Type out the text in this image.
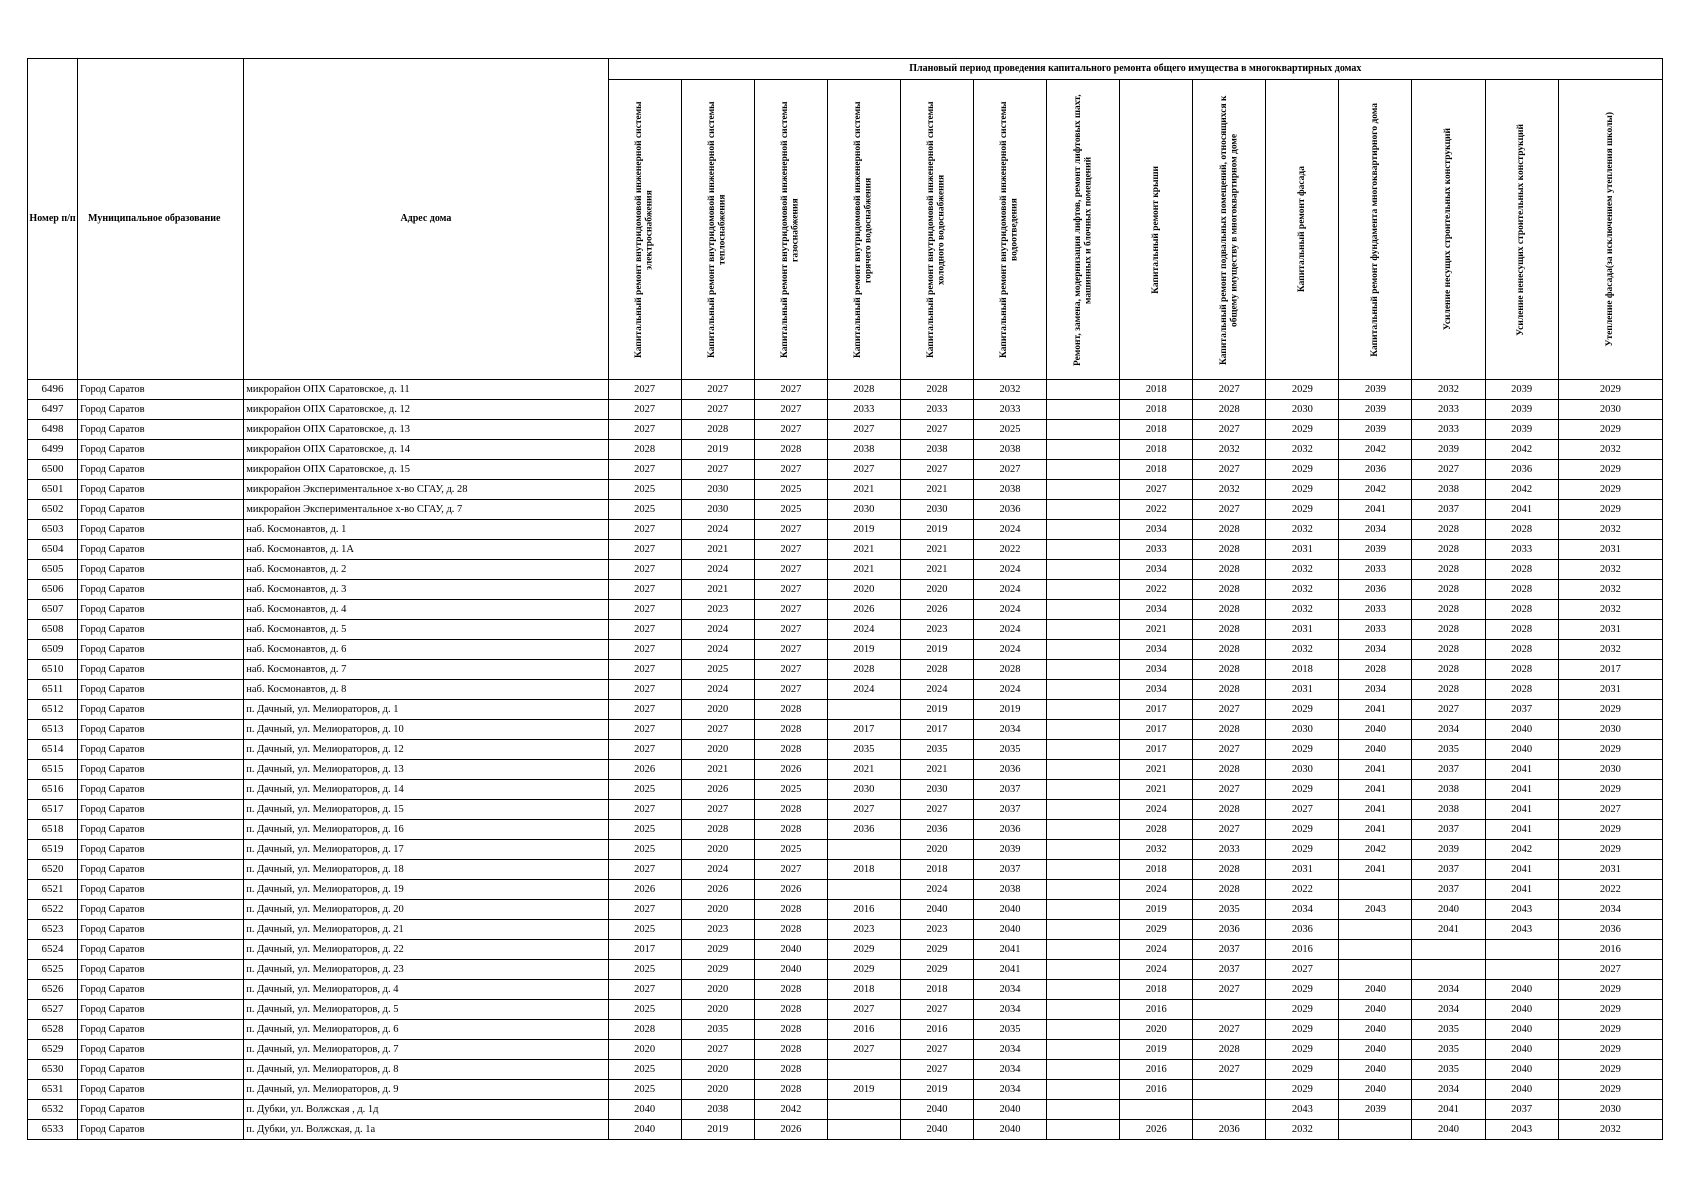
Номер п/п	Муниципальное образование	Адрес дома	Плановый период проведения капитального ремонта общего имущества в многоквартирных домах													

			Капитальный ремонт внутридомовой инженерной системы электроснабжения	Капитальный ремонт внутридомовой инженерной системы теплоснабжения	Капитальный ремонт внутридомовой инженерной системы газоснабжения	Капитальный ремонт внутридомовой инженерной системы горячего водоснабжения	Капитальный ремонт внутридомовой инженерной системы холодного водоснабжения	Капитальный ремонт внутридомовой инженерной системы водоотведения	Ремонт, замена, модернизация лифтов, ремонт лифтовых шахт, машинных и блочных помещений	Капитальный ремонт крыши	Капитальный ремонт подвальных помещений, относящихся к общему имуществу в многоквартирном доме	Капитальный ремонт фасада	Капитальный ремонт фундамента многоквартирного дома	Усиление несущих строительных конструкций	Усиление ненесущих строительных конструкций	Утепление фасада(за исключением утепления школы)

6496	Город Саратов	микрорайон ОПХ Саратовское, д. 11	2027	2027	2027	2028	2028	2032		2018	2027	2029	2039	2032	2039	2029
6497	Город Саратов	микрорайон ОПХ Саратовское, д. 12	2027	2027	2027	2033	2033	2033		2018	2028	2030	2039	2033	2039	2030
6498	Город Саратов	микрорайон ОПХ Саратовское, д. 13	2027	2028	2027	2027	2027	2025		2018	2027	2029	2039	2033	2039	2029
6499	Город Саратов	микрорайон ОПХ Саратовское, д. 14	2028	2019	2028	2038	2038	2038		2018	2032	2032	2042	2039	2042	2032
6500	Город Саратов	микрорайон ОПХ Саратовское, д. 15	2027	2027	2027	2027	2027	2027		2018	2027	2029	2036	2027	2036	2029
6501	Город Саратов	микрорайон Экспериментальное х-во СГАУ, д. 28	2025	2030	2025	2021	2021	2038		2027	2032	2029	2042	2038	2042	2029
6502	Город Саратов	микрорайон Экспериментальное х-во СГАУ, д. 7	2025	2030	2025	2030	2030	2036		2022	2027	2029	2041	2037	2041	2029
6503	Город Саратов	наб. Космонавтов, д. 1	2027	2024	2027	2019	2019	2024		2034	2028	2032	2034	2028	2028	2032
6504	Город Саратов	наб. Космонавтов, д. 1А	2027	2021	2027	2021	2021	2022		2033	2028	2031	2039	2028	2033	2031
6505	Город Саратов	наб. Космонавтов, д. 2	2027	2024	2027	2021	2021	2024		2034	2028	2032	2033	2028	2028	2032
6506	Город Саратов	наб. Космонавтов, д. 3	2027	2021	2027	2020	2020	2024		2022	2028	2032	2036	2028	2028	2032
6507	Город Саратов	наб. Космонавтов, д. 4	2027	2023	2027	2026	2026	2024		2034	2028	2032	2033	2028	2028	2032
6508	Город Саратов	наб. Космонавтов, д. 5	2027	2024	2027	2024	2023	2024		2021	2028	2031	2033	2028	2028	2031
6509	Город Саратов	наб. Космонавтов, д. 6	2027	2024	2027	2019	2019	2024		2034	2028	2032	2034	2028	2028	2032
6510	Город Саратов	наб. Космонавтов, д. 7	2027	2025	2027	2028	2028	2028		2034	2028	2018	2028	2028	2028	2017
6511	Город Саратов	наб. Космонавтов, д. 8	2027	2024	2027	2024	2024	2024		2034	2028	2031	2034	2028	2028	2031
6512	Город Саратов	п. Дачный, ул. Мелиораторов, д. 1	2027	2020	2028		2019	2019		2017	2027	2029	2041	2027	2037	2029
6513	Город Саратов	п. Дачный, ул. Мелиораторов, д. 10	2027	2027	2028	2017	2017	2034		2017	2028	2030	2040	2034	2040	2030
6514	Город Саратов	п. Дачный, ул. Мелиораторов, д. 12	2027	2020	2028	2035	2035	2035		2017	2027	2029	2040	2035	2040	2029
6515	Город Саратов	п. Дачный, ул. Мелиораторов, д. 13	2026	2021	2026	2021	2021	2036		2021	2028	2030	2041	2037	2041	2030
6516	Город Саратов	п. Дачный, ул. Мелиораторов, д. 14	2025	2026	2025	2030	2030	2037		2021	2027	2029	2041	2038	2041	2029
6517	Город Саратов	п. Дачный, ул. Мелиораторов, д. 15	2027	2027	2028	2027	2027	2037		2024	2028	2027	2041	2038	2041	2027
6518	Город Саратов	п. Дачный, ул. Мелиораторов, д. 16	2025	2028	2028	2036	2036	2036		2028	2027	2029	2041	2037	2041	2029
6519	Город Саратов	п. Дачный, ул. Мелиораторов, д. 17	2025	2020	2025		2020	2039		2032	2033	2029	2042	2039	2042	2029
6520	Город Саратов	п. Дачный, ул. Мелиораторов, д. 18	2027	2024	2027	2018	2018	2037		2018	2028	2031	2041	2037	2041	2031
6521	Город Саратов	п. Дачный, ул. Мелиораторов, д. 19	2026	2026	2026		2024	2038		2024	2028	2022		2037	2041	2022
6522	Город Саратов	п. Дачный, ул. Мелиораторов, д. 20	2027	2020	2028	2016	2040	2040		2019	2035	2034	2043	2040	2043	2034
6523	Город Саратов	п. Дачный, ул. Мелиораторов, д. 21	2025	2023	2028	2023	2023	2040		2029	2036	2036		2041	2043	2036
6524	Город Саратов	п. Дачный, ул. Мелиораторов, д. 22	2017	2029	2040	2029	2029	2041		2024	2037	2016				2016
6525	Город Саратов	п. Дачный, ул. Мелиораторов, д. 23	2025	2029	2040	2029	2029	2041		2024	2037	2027				2027
6526	Город Саратов	п. Дачный, ул. Мелиораторов, д. 4	2027	2020	2028	2018	2018	2034		2018	2027	2029	2040	2034	2040	2029
6527	Город Саратов	п. Дачный, ул. Мелиораторов, д. 5	2025	2020	2028	2027	2027	2034		2016		2029	2040	2034	2040	2029
6528	Город Саратов	п. Дачный, ул. Мелиораторов, д. 6	2028	2035	2028	2016	2016	2035		2020	2027	2029	2040	2035	2040	2029
6529	Город Саратов	п. Дачный, ул. Мелиораторов, д. 7	2020	2027	2028	2027	2027	2034		2019	2028	2029	2040	2035	2040	2029
6530	Город Саратов	п. Дачный, ул. Мелиораторов, д. 8	2025	2020	2028		2027	2034		2016	2027	2029	2040	2035	2040	2029
6531	Город Саратов	п. Дачный, ул. Мелиораторов, д. 9	2025	2020	2028	2019	2019	2034		2016		2029	2040	2034	2040	2029
6532	Город Саратов	п. Дубки, ул. Волжская , д. 1д	2040	2038	2042		2040	2040				2043	2039	2041	2037	2030
6533	Город Саратов	п. Дубки, ул. Волжская, д. 1а	2040	2019	2026		2040	2040		2026	2036	2032		2040	2043	2032
